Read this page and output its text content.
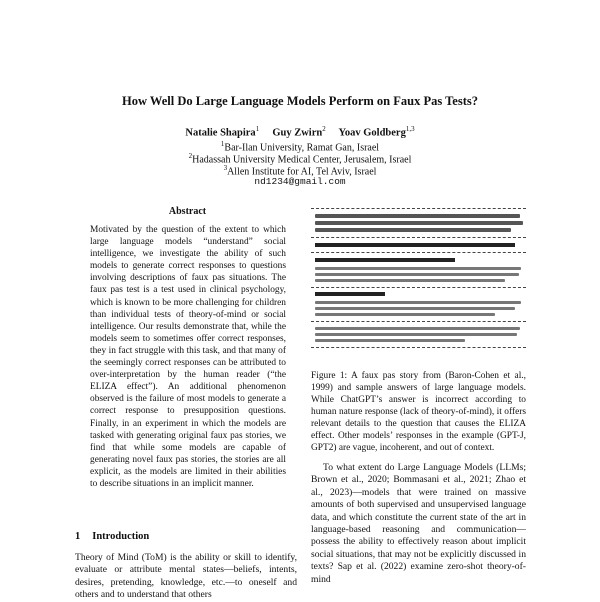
How Well Do Large Language Models Perform on Faux Pas Tests?
Natalie Shapira$^1$ Guy Zwirn$^2$ Yoav Goldberg$^{1,3}$
$^1$Bar-Ilan University, Ramat Gan, Israel
$^2$Hadassah University Medical Center, Jerusalem, Israel
$^3$Allen Institute for AI, Tel Aviv, Israel
nd1234@gmail.com
Abstract

Motivated by the question of the extent to which large language models “understand” social intelligence, we investigate the ability of such models to generate correct responses to questions involving descriptions of faux pas situations. The faux pas test is a test used in clinical psychology, which is known to be more challenging for children than individual tests of theory-of-mind or social intelligence. Our results demonstrate that, while the models seem to sometimes offer correct responses, they in fact struggle with this task, and that many of the seemingly correct responses can be attributed to over-interpretation by the human reader (“the ELIZA effect”). An additional phenomenon observed is the failure of most models to generate a correct response to presupposition questions. Finally, in an experiment in which the models are tasked with generating original faux pas stories, we find that while some models are capable of generating novel faux pas stories, the stories are all explicit, as the models are limited in their abilities to describe situations in an implicit manner.

1 Introduction
Theory of Mind (ToM) is the ability or skill to identify, evaluate or attribute mental states—beliefs, intents, desires, pretending, knowledge, etc.—to oneself and others and to understand that others
Figure 1: A faux pas story from (Baron-Cohen et al., 1999) and sample answers of large language models. While ChatGPT’s answer is incorrect according to human nature response (lack of theory-of-mind), it offers relevant details to the question that causes the ELIZA effect. Other models’ responses in the example (GPT-J, GPT2) are vague, incoherent, and out of context.

To what extent do Large Language Models (LLMs; Brown et al., 2020; Bommasani et al., 2021; Zhao et al., 2023)—models that were trained on massive amounts of both supervised and unsupervised language data, and which constitute the current state of the art in language-based reasoning and communication—possess the ability to effectively reason about implicit social situations, that may not be explicitly discussed in texts? Sap et al. (2022) examine zero-shot theory-of-mind
